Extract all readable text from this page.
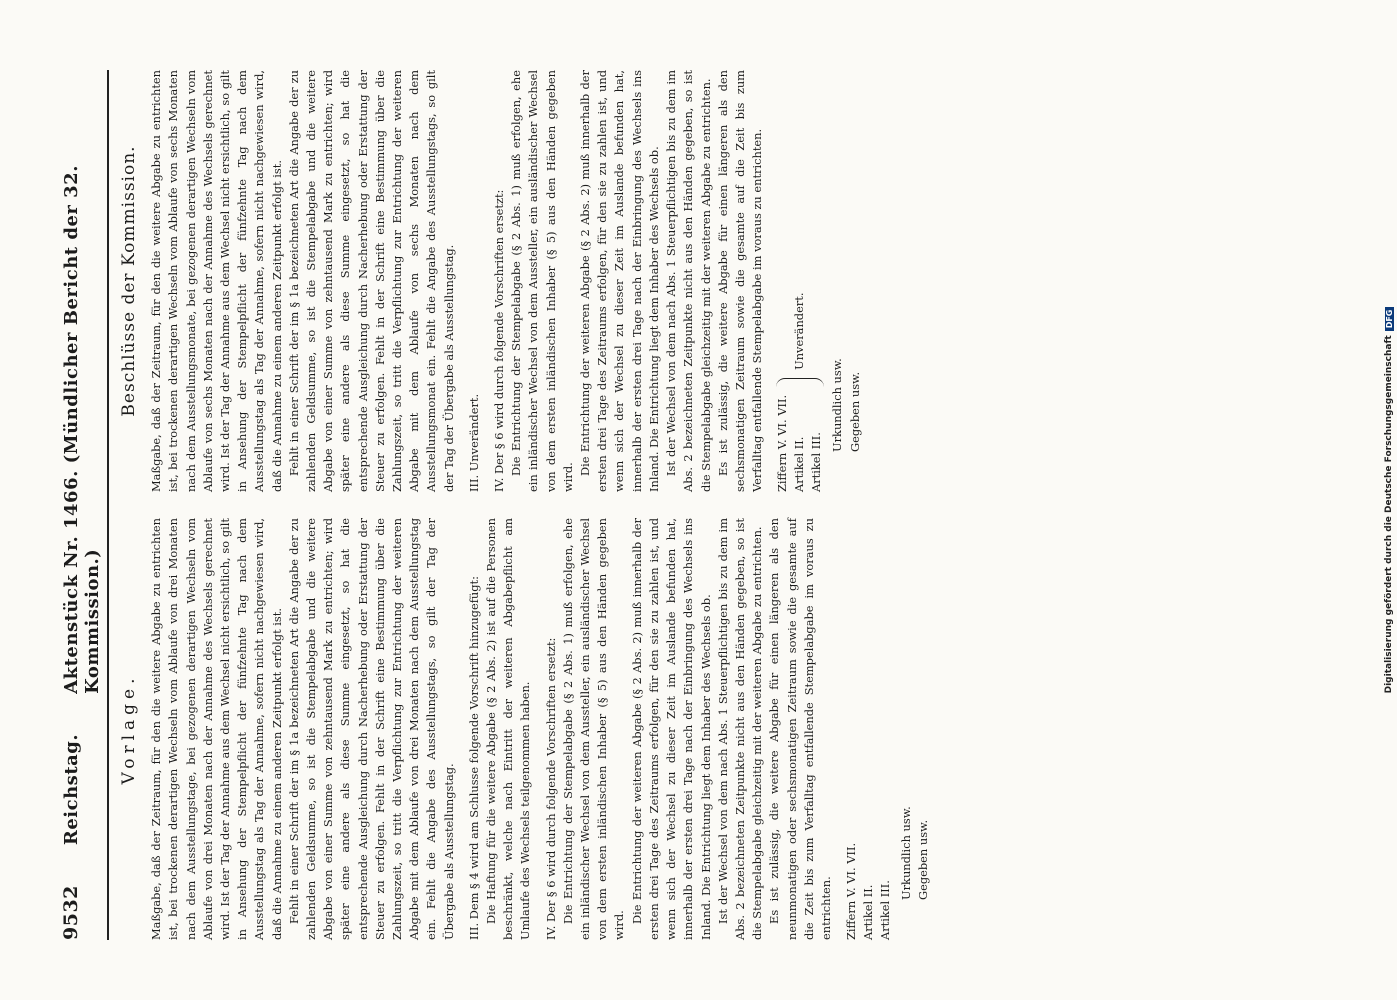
9532
Reichstag.
Aktenstück Nr. 1466. (Mündlicher Bericht der 32. Kommission.)
Vorlage. Maßgabe, daß der Zeitraum, für den die weitere Abgabe zu entrichten ist, bei trockenen derartigen Wechseln vom Ablaufe von drei Monaten nach dem Ausstellungstage, bei gezogenen derartigen Wechseln vom Ablaufe von drei Monaten nach der Annahme des Wechsels gerechnet wird. Ist der Tag der Annahme aus dem Wechsel nicht ersichtlich, so gilt in Ansehung der Stempelpflicht der fünfzehnte Tag nach dem Ausstellungstag als Tag der Annahme, sofern nicht nachgewiesen wird, daß die Annahme zu einem anderen Zeitpunkt erfolgt ist. Fehlt in einer Schrift der im § 1a bezeichneten Art die Angabe der zu zahlenden Geldsumme, so ist die Stempelabgabe und die weitere Abgabe von einer Summe von zehntausend Mark zu entrichten; wird später eine andere als diese Summe eingesetzt, so hat die entsprechende Ausgleichung durch Nacherhebung oder Erstattung der Steuer zu erfolgen. Fehlt in der Schrift eine Bestimmung über die Zahlungszeit, so tritt die Verpflichtung zur Entrichtung der weiteren Abgabe mit dem Ablaufe von drei Monaten nach dem Ausstellungstag ein. Fehlt die Angabe des Ausstellungstags, so gilt der Tag der Übergabe als Ausstellungstag. III. Dem § 4 wird am Schlusse folgende Vorschrift hinzugefügt: Die Haftung für die weitere Abgabe (§ 2 Abs. 2) ist auf die Personen beschränkt, welche nach Eintritt der weiteren Abgabepflicht am Umlaufe des Wechsels teilgenommen haben. IV. Der § 6 wird durch folgende Vorschriften ersetzt: Die Entrichtung der Stempelabgabe (§ 2 Abs. 1) muß erfolgen, ehe ein inländischer Wechsel von dem Aussteller, ein ausländischer Wechsel von dem ersten inländischen Inhaber (§ 5) aus den Händen gegeben wird.

Die Entrichtung der weiteren Abgabe (§ 2 Abs. 2) muß innerhalb der ersten drei Tage des Zeitraums erfolgen, für den sie zu zahlen ist, und wenn sich der Wechsel zu dieser Zeit im Auslande befunden hat, innerhalb der ersten drei Tage nach der Einbringung des Wechsels ins Inland. Die Entrichtung liegt dem Inhaber des Wechsels ob. Ist der Wechsel von dem nach Abs. 1 Steuerpflichtigen bis zu dem im Abs. 2 bezeichneten Zeitpunkte nicht aus den Händen gegeben, so ist die Stempelabgabe gleichzeitig mit der weiteren Abgabe zu entrichten. Es ist zulässig, die weitere Abgabe für einen längeren als den neunmonatigen oder sechsmonatigen Zeitraum sowie die gesamte auf die Zeit bis zum Verfalltag entfallende Stempelabgabe im voraus zu entrichten. Ziffern V. VI. VII. Artikel II. Artikel III.
Urkundlich usw. Gegeben usw.
Beschlüsse der Kommission. Maßgabe, daß der Zeitraum, für den die weitere Abgabe zu entrichten ist, bei trockenen derartigen Wechseln vom Ablaufe von sechs Monaten nach dem Ausstellungsmonate, bei gezogenen derartigen Wechseln vom Ablaufe von sechs Monaten nach der Annahme des Wechsels gerechnet wird. Ist der Tag der Annahme aus dem Wechsel nicht ersichtlich, so gilt in Ansehung der Stempelpflicht der fünfzehnte Tag nach dem Ausstellungstag als Tag der Annahme, sofern nicht nachgewiesen wird, daß die Annahme zu einem anderen Zeitpunkt erfolgt ist. Fehlt in einer Schrift der im § 1a bezeichneten Art die Angabe der zu zahlenden Geldsumme, so ist die Stempelabgabe und die weitere Abgabe von einer Summe von zehntausend Mark zu entrichten; wird später eine andere als diese Summe eingesetzt, so hat die entsprechende Ausgleichung durch Nacherhebung oder Erstattung der Steuer zu erfolgen. Fehlt in der Schrift eine Bestimmung über die Zahlungszeit, so tritt die Verpflichtung zur Entrichtung der weiteren Abgabe mit dem Ablaufe von sechs Monaten nach dem Ausstellungsmonat ein. Fehlt die Angabe des Ausstellungstags, so gilt der Tag der Übergabe als Ausstellungstag. III. Unverändert.

IV. Der § 6 wird durch folgende Vorschriften ersetzt: Die Entrichtung der Stempelabgabe (§ 2 Abs. 1) muß erfolgen, ehe ein inländischer Wechsel von dem Aussteller, ein ausländischer Wechsel von dem ersten inländischen Inhaber (§ 5) aus den Händen gegeben wird.

Die Entrichtung der weiteren Abgabe (§ 2 Abs. 2) muß innerhalb der ersten drei Tage des Zeitraums erfolgen, für den sie zu zahlen ist, und wenn sich der Wechsel zu dieser Zeit im Auslande befunden hat, innerhalb der ersten drei Tage nach der Einbringung des Wechsels ins Inland. Die Entrichtung liegt dem Inhaber des Wechsels ob. Ist der Wechsel von dem nach Abs. 1 Steuerpflichtigen bis zu dem im Abs. 2 bezeichneten Zeitpunkte nicht aus den Händen gegeben, so ist die Stempelabgabe gleichzeitig mit der weiteren Abgabe zu entrichten. Es ist zulässig, die weitere Abgabe für einen längeren als den sechsmonatigen Zeitraum sowie die gesamte auf die Zeit bis zum Verfalltag entfallende Stempelabgabe im voraus zu entrichten. Ziffern V. VI. VII. Artikel II. Artikel III.
Unverändert.
Urkundlich usw. Gegeben usw.	Digitalisierung gefördert durch die Deutsche Forschungsgemeinschaft
DFG
